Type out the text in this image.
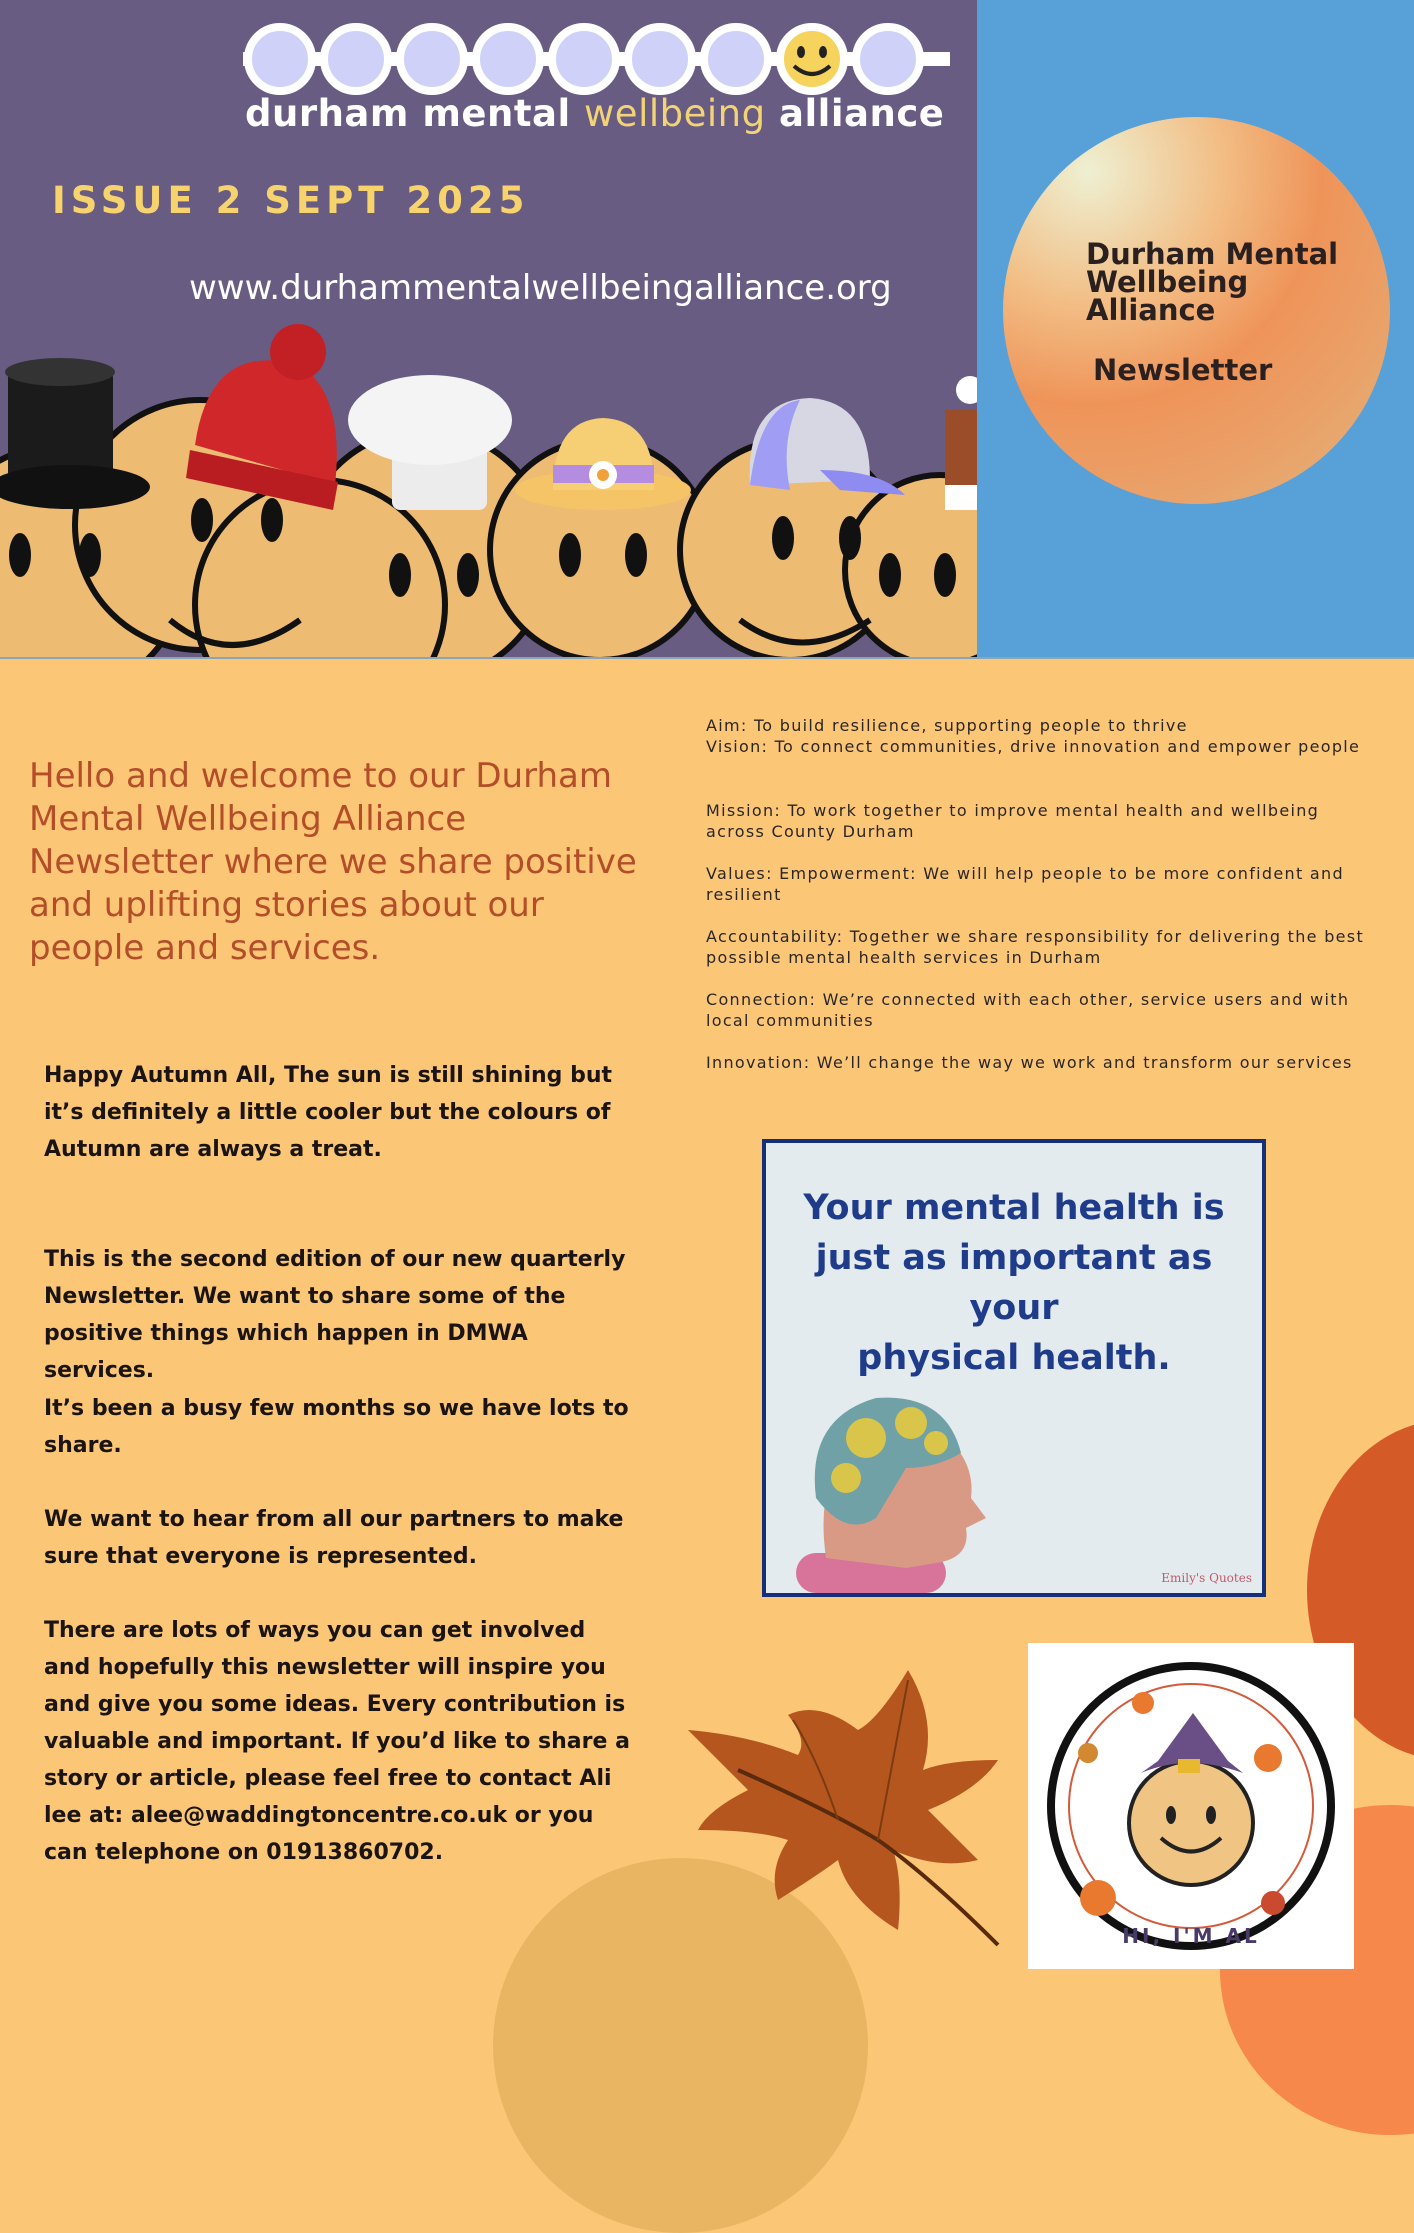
durham mental wellbeing alliance
ISSUE 2 SEPT 2025
www.durhammentalwellbeingalliance.org
Durham Mental Wellbeing Alliance
Newsletter
Hello and welcome to our Durham Mental Wellbeing Alliance Newsletter where we share positive and uplifting stories about our people and services.
Happy Autumn All, The sun is still shining but it’s definitely a little cooler but the colours of Autumn are always a treat.
This is the second edition of our new quarterly Newsletter. We want to share some of the positive things which happen in DMWA services.
It’s been a busy few months so we have lots to share.
We want to hear from all our partners to make sure that everyone is represented.
There are lots of ways you can get involved and hopefully this newsletter will inspire you and give you some ideas. Every contribution is valuable and important. If you’d like to share a story or article, please feel free to contact Ali lee at: alee@waddingtoncentre.co.uk or you can telephone on 01913860702.
Aim: To build resilience, supporting people to thrive
Vision: To connect communities, drive innovation and empower people
Mission: To work together to improve mental health and wellbeing across County Durham
Values: Empowerment: We will help people to be more confident and resilient
Accountability: Together we share responsibility for delivering the best possible mental health services in Durham
Connection: We’re connected with each other, service users and with local communities
Innovation: We’ll change the way we work and transform our services
Your mental health is
just as important as your
physical health.
Emily's Quotes
HI, I'M AL
